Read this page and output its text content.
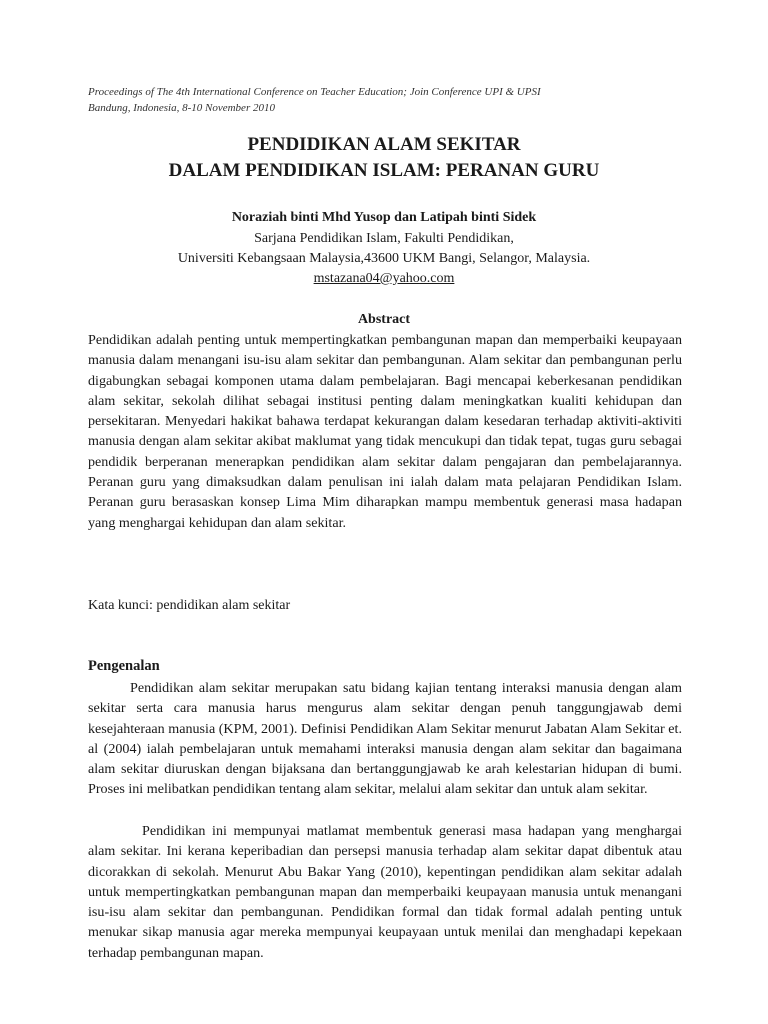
Proceedings of The 4th International Conference on Teacher Education; Join Conference UPI & UPSI
Bandung, Indonesia, 8-10 November 2010
PENDIDIKAN ALAM SEKITAR
DALAM PENDIDIKAN ISLAM: PERANAN GURU
Noraziah binti Mhd Yusop dan Latipah binti Sidek
Sarjana Pendidikan Islam, Fakulti Pendidikan,
Universiti Kebangsaan Malaysia,43600 UKM Bangi, Selangor, Malaysia.
mstazana04@yahoo.com
Abstract
Pendidikan adalah penting untuk mempertingkatkan pembangunan mapan dan memperbaiki keupayaan manusia dalam menangani isu-isu alam sekitar dan pembangunan. Alam sekitar dan pembangunan perlu digabungkan sebagai komponen utama dalam pembelajaran. Bagi mencapai keberkesanan pendidikan alam sekitar, sekolah dilihat sebagai institusi penting dalam meningkatkan kualiti kehidupan dan persekitaran. Menyedari hakikat bahawa terdapat kekurangan dalam kesedaran terhadap aktiviti-aktiviti manusia dengan alam sekitar akibat maklumat yang tidak mencukupi dan tidak tepat, tugas guru sebagai pendidik berperanan menerapkan pendidikan alam sekitar dalam pengajaran dan pembelajarannya. Peranan guru yang dimaksudkan dalam penulisan ini ialah dalam mata pelajaran Pendidikan Islam. Peranan guru berasaskan konsep Lima Mim diharapkan mampu membentuk generasi masa hadapan yang menghargai kehidupan dan alam sekitar.
Kata kunci: pendidikan alam sekitar
Pengenalan
Pendidikan alam sekitar merupakan satu bidang kajian tentang interaksi manusia dengan alam sekitar serta cara manusia harus mengurus alam sekitar dengan penuh tanggungjawab demi kesejahteraan manusia (KPM, 2001). Definisi Pendidikan Alam Sekitar menurut Jabatan Alam Sekitar et. al (2004) ialah pembelajaran untuk memahami interaksi manusia dengan alam sekitar dan bagaimana alam sekitar diuruskan dengan bijaksana dan bertanggungjawab ke arah kelestarian hidupan di bumi. Proses ini melibatkan pendidikan tentang alam sekitar, melalui alam sekitar dan untuk alam sekitar.
Pendidikan ini mempunyai matlamat membentuk generasi masa hadapan yang menghargai alam sekitar. Ini kerana keperibadian dan persepsi manusia terhadap alam sekitar dapat dibentuk atau dicorakkan di sekolah. Menurut Abu Bakar Yang (2010), kepentingan pendidikan alam sekitar adalah untuk mempertingkatkan pembangunan mapan dan memperbaiki keupayaan manusia untuk menangani isu-isu alam sekitar dan pembangunan. Pendidikan formal dan tidak formal adalah penting untuk menukar sikap manusia agar mereka mempunyai keupayaan untuk menilai dan menghadapi kepekaan terhadap pembangunan mapan.
